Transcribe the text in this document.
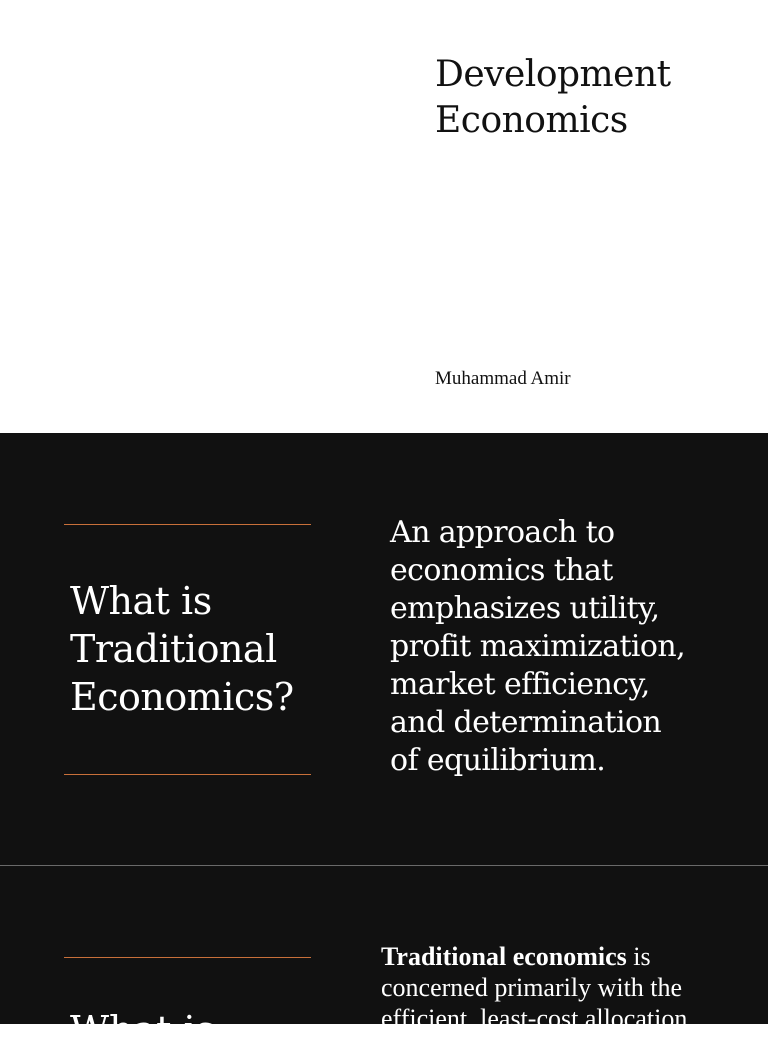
Development
Economics

Muhammad Amir

What is
Traditional
Economics?

An approach to
economics that
emphasizes utility,
profit maximization,
market efficiency,
and determination
of equilibrium.

What is

Traditional economics is
concerned primarily with the
efficient, least-cost allocation
